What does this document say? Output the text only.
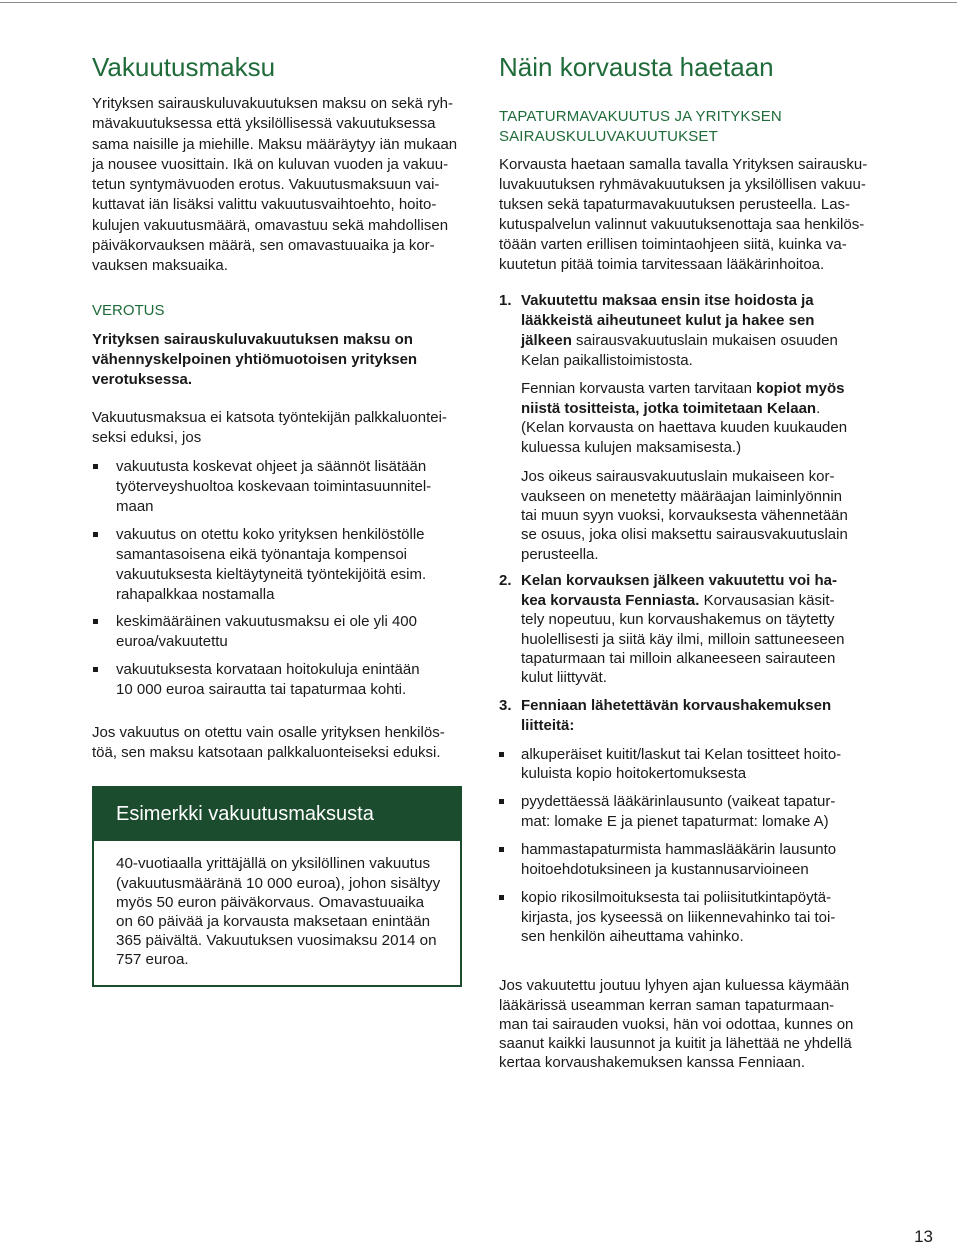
Vakuutusmaksu
Yrityksen sairauskuluvakuutuksen maksu on sekä ryh-
mävakuutuksessa että yksilöllisessä vakuutuksessa
sama naisille ja miehille. Maksu määräytyy iän mukaan
ja nousee vuosittain. Ikä on kuluvan vuoden ja vakuu-
tetun syntymävuoden erotus. Vakuutusmaksuun vai-
kuttavat iän lisäksi valittu vakuutusvaihtoehto, hoito-
kulujen vakuutusmäärä, omavastuu sekä mahdollisen
päiväkorvauksen määrä, sen omavastuuaika ja kor-
vauksen maksuaika.
VEROTUS
Yrityksen sairauskuluvakuutuksen maksu on
vähennyskelpoinen yhtiömuotoisen yrityksen
verotuksessa.
Vakuutusmaksua ei katsota työntekijän palkkaluontei-
seksi eduksi, jos
vakuutusta koskevat ohjeet ja säännöt lisätään
työterveyshuoltoa koskevaan toimintasuunnitel-
maan
vakuutus on otettu koko yrityksen henkilöstölle
samantasoisena eikä työnantaja kompensoi
vakuutuksesta kieltäytyneitä työntekijöitä esim.
rahapalkkaa nostamalla
keskimääräinen vakuutusmaksu ei ole yli 400
euroa/vakuutettu
vakuutuksesta korvataan hoitokuluja enintään
10 000 euroa sairautta tai tapaturmaa kohti.
Jos vakuutus on otettu vain osalle yrityksen henkilös-
töä, sen maksu katsotaan palkkaluonteiseksi eduksi.
Esimerkki vakuutusmaksusta
40-vuotiaalla yrittäjällä on yksilöllinen vakuutus
(vakuutusmääränä 10 000 euroa), johon sisältyy
myös 50 euron päiväkorvaus. Omavastuuaika
on 60 päivää ja korvausta maksetaan enintään
365 päivältä. Vakuutuksen vuosimaksu 2014 on
757 euroa.
Näin korvausta haetaan
TAPATURMAVAKUUTUS JA YRITYKSEN
SAIRAUSKULUVAKUUTUKSET
Korvausta haetaan samalla tavalla Yrityksen sairausku-
luvakuutuksen ryhmävakuutuksen ja yksilöllisen vakuu-
tuksen sekä tapaturmavakuutuksen perusteella. Las-
kutuspalvelun valinnut vakuutuksenottaja saa henkilös-
töään varten erillisen toimintaohjeen siitä, kuinka va-
kuutetun pitää toimia tarvitessaan lääkärinhoitoa.
1. Vakuutettu maksaa ensin itse hoidosta ja
lääkkeistä aiheutuneet kulut ja hakee sen
jälkeen sairausvakuutuslain mukaisen osuuden
Kelan paikallistoimistosta.
Fennian korvausta varten tarvitaan kopiot myös
niistä tositteista, jotka toimitetaan Kelaan.
(Kelan korvausta on haettava kuuden kuukauden
kuluessa kulujen maksamisesta.)
Jos oikeus sairausvakuutuslain mukaiseen kor-
vaukseen on menetetty määräajan laiminlyönnin
tai muun syyn vuoksi, korvauksesta vähennetään
se osuus, joka olisi maksettu sairausvakuutuslain
perusteella.
2. Kelan korvauksen jälkeen vakuutettu voi ha-
kea korvausta Fenniasta. Korvausasian käsit-
tely nopeutuu, kun korvaushakemus on täytetty
huolellisesti ja siitä käy ilmi, milloin sattuneeseen
tapaturmaan tai milloin alkaneeseen sairauteen
kulut liittyvät.
3. Fenniaan lähetettävän korvaushakemuksen
liitteitä:
alkuperäiset kuitit/laskut tai Kelan tositteet hoito-
kuluista kopio hoitokertomuksesta
pyydettäessä lääkärinlausunto (vaikeat tapatur-
mat: lomake E ja pienet tapaturmat: lomake A)
hammastapaturmista hammaslääkärin lausunto
hoitoehdotuksineen ja kustannusarvioineen
kopio rikosilmoituksesta tai poliisitutkintapöytä-
kirjasta, jos kyseessä on liikennevahinko tai toi-
sen henkilön aiheuttama vahinko.
Jos vakuutettu joutuu lyhyen ajan kuluessa käymään
lääkärissä useamman kerran saman tapaturmaan-
man tai sairauden vuoksi, hän voi odottaa, kunnes on
saanut kaikki lausunnot ja kuitit ja lähettää ne yhdellä
kertaa korvaushakemuksen kanssa Fenniaan.
13
